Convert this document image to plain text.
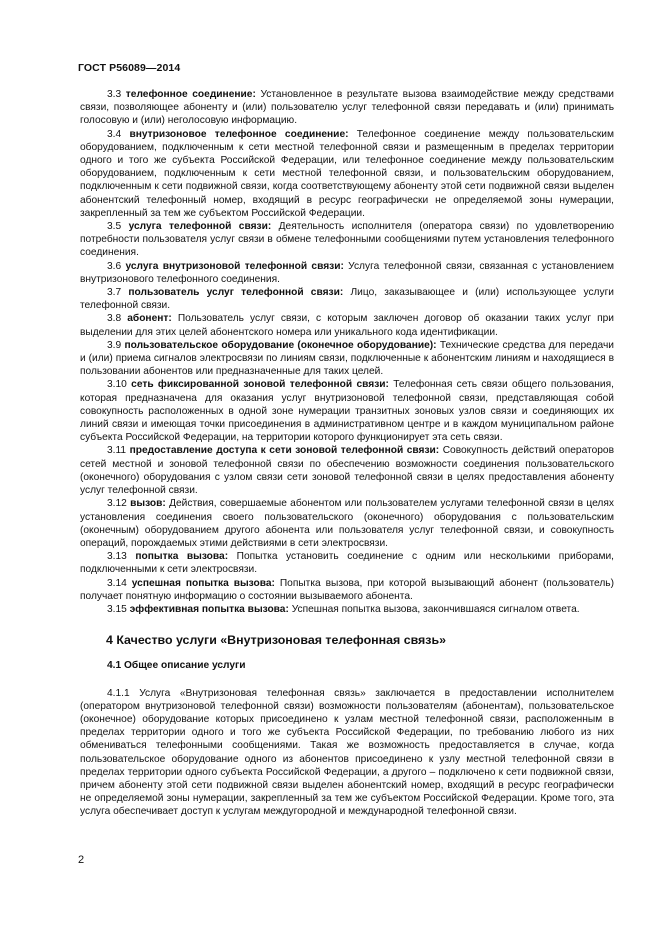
ГОСТ Р56089—2014

3.3 телефонное соединение: Установленное в результате вызова взаимодействие между средствами связи, позволяющее абоненту и (или) пользователю услуг телефонной связи передавать и (или) принимать голосовую и (или) неголосовую информацию.

3.4 внутризоновое телефонное соединение: Телефонное соединение между пользовательским оборудованием, подключенным к сети местной телефонной связи и размещенным в пределах территории одного и того же субъекта Российской Федерации, или телефонное соединение между пользовательским оборудованием, подключенным к сети местной телефонной связи, и пользовательским оборудованием, подключенным к сети подвижной связи, когда соответствующему абоненту этой сети подвижной связи выделен абонентский телефонный номер, входящий в ресурс географически не определяемой зоны нумерации, закрепленный за тем же субъектом Российской Федерации.

3.5 услуга телефонной связи: Деятельность исполнителя (оператора связи) по удовлетворению потребности пользователя услуг связи в обмене телефонными сообщениями путем установления телефонного соединения.

3.6 услуга внутризоновой телефонной связи: Услуга телефонной связи, связанная с установлением внутризонового телефонного соединения.

3.7 пользователь услуг телефонной связи: Лицо, заказывающее и (или) использующее услуги телефонной связи.

3.8 абонент: Пользователь услуг связи, с которым заключен договор об оказании таких услуг при выделении для этих целей абонентского номера или уникального кода идентификации.

3.9 пользовательское оборудование (оконечное оборудование): Технические средства для передачи и (или) приема сигналов электросвязи по линиям связи, подключенные к абонентским линиям и находящиеся в пользовании абонентов или предназначенные для таких целей.

3.10 сеть фиксированной зоновой телефонной связи: Телефонная сеть связи общего пользования, которая предназначена для оказания услуг внутризоновой телефонной связи, представляющая собой совокупность расположенных в одной зоне нумерации транзитных зоновых узлов связи и соединяющих их линий связи и имеющая точки присоединения в административном центре и в каждом муниципальном районе субъекта Российской Федерации, на территории которого функционирует эта сеть связи.

3.11 предоставление доступа к сети зоновой телефонной связи: Совокупность действий операторов сетей местной и зоновой телефонной связи по обеспечению возможности соединения пользовательского (оконечного) оборудования с узлом связи сети зоновой телефонной связи в целях предоставления абоненту услуг телефонной связи.

3.12 вызов: Действия, совершаемые абонентом или пользователем услугами телефонной связи в целях установления соединения своего пользовательского (оконечного) оборудования с пользовательским (оконечным) оборудованием другого абонента или пользователя услуг телефонной связи, и совокупность операций, порождаемых этими действиями в сети электросвязи.

3.13 попытка вызова: Попытка установить соединение с одним или несколькими приборами, подключенными к сети электросвязи.

3.14 успешная попытка вызова: Попытка вызова, при которой вызывающий абонент (пользователь) получает понятную информацию о состоянии вызываемого абонента.

3.15 эффективная попытка вызова: Успешная попытка вызова, закончившаяся сигналом ответа.

4 Качество услуги «Внутризоновая телефонная связь»

4.1 Общее описание услуги

4.1.1 Услуга «Внутризоновая телефонная связь» заключается в предоставлении исполнителем (оператором внутризоновой телефонной связи) возможности пользователям (абонентам), пользовательское (оконечное) оборудование которых присоединено к узлам местной телефонной связи, расположенным в пределах территории одного и того же субъекта Российской Федерации, по требованию любого из них обмениваться телефонными сообщениями. Такая же возможность предоставляется в случае, когда пользовательское оборудование одного из абонентов присоединено к узлу местной телефонной связи в пределах территории одного субъекта Российской Федерации, а другого – подключено к сети подвижной связи, причем абоненту этой сети подвижной связи выделен абонентский номер, входящий в ресурс географически не определяемой зоны нумерации, закрепленный за тем же субъектом Российской Федерации. Кроме того, эта услуга обеспечивает доступ к услугам междугородной и международной телефонной связи.

2
